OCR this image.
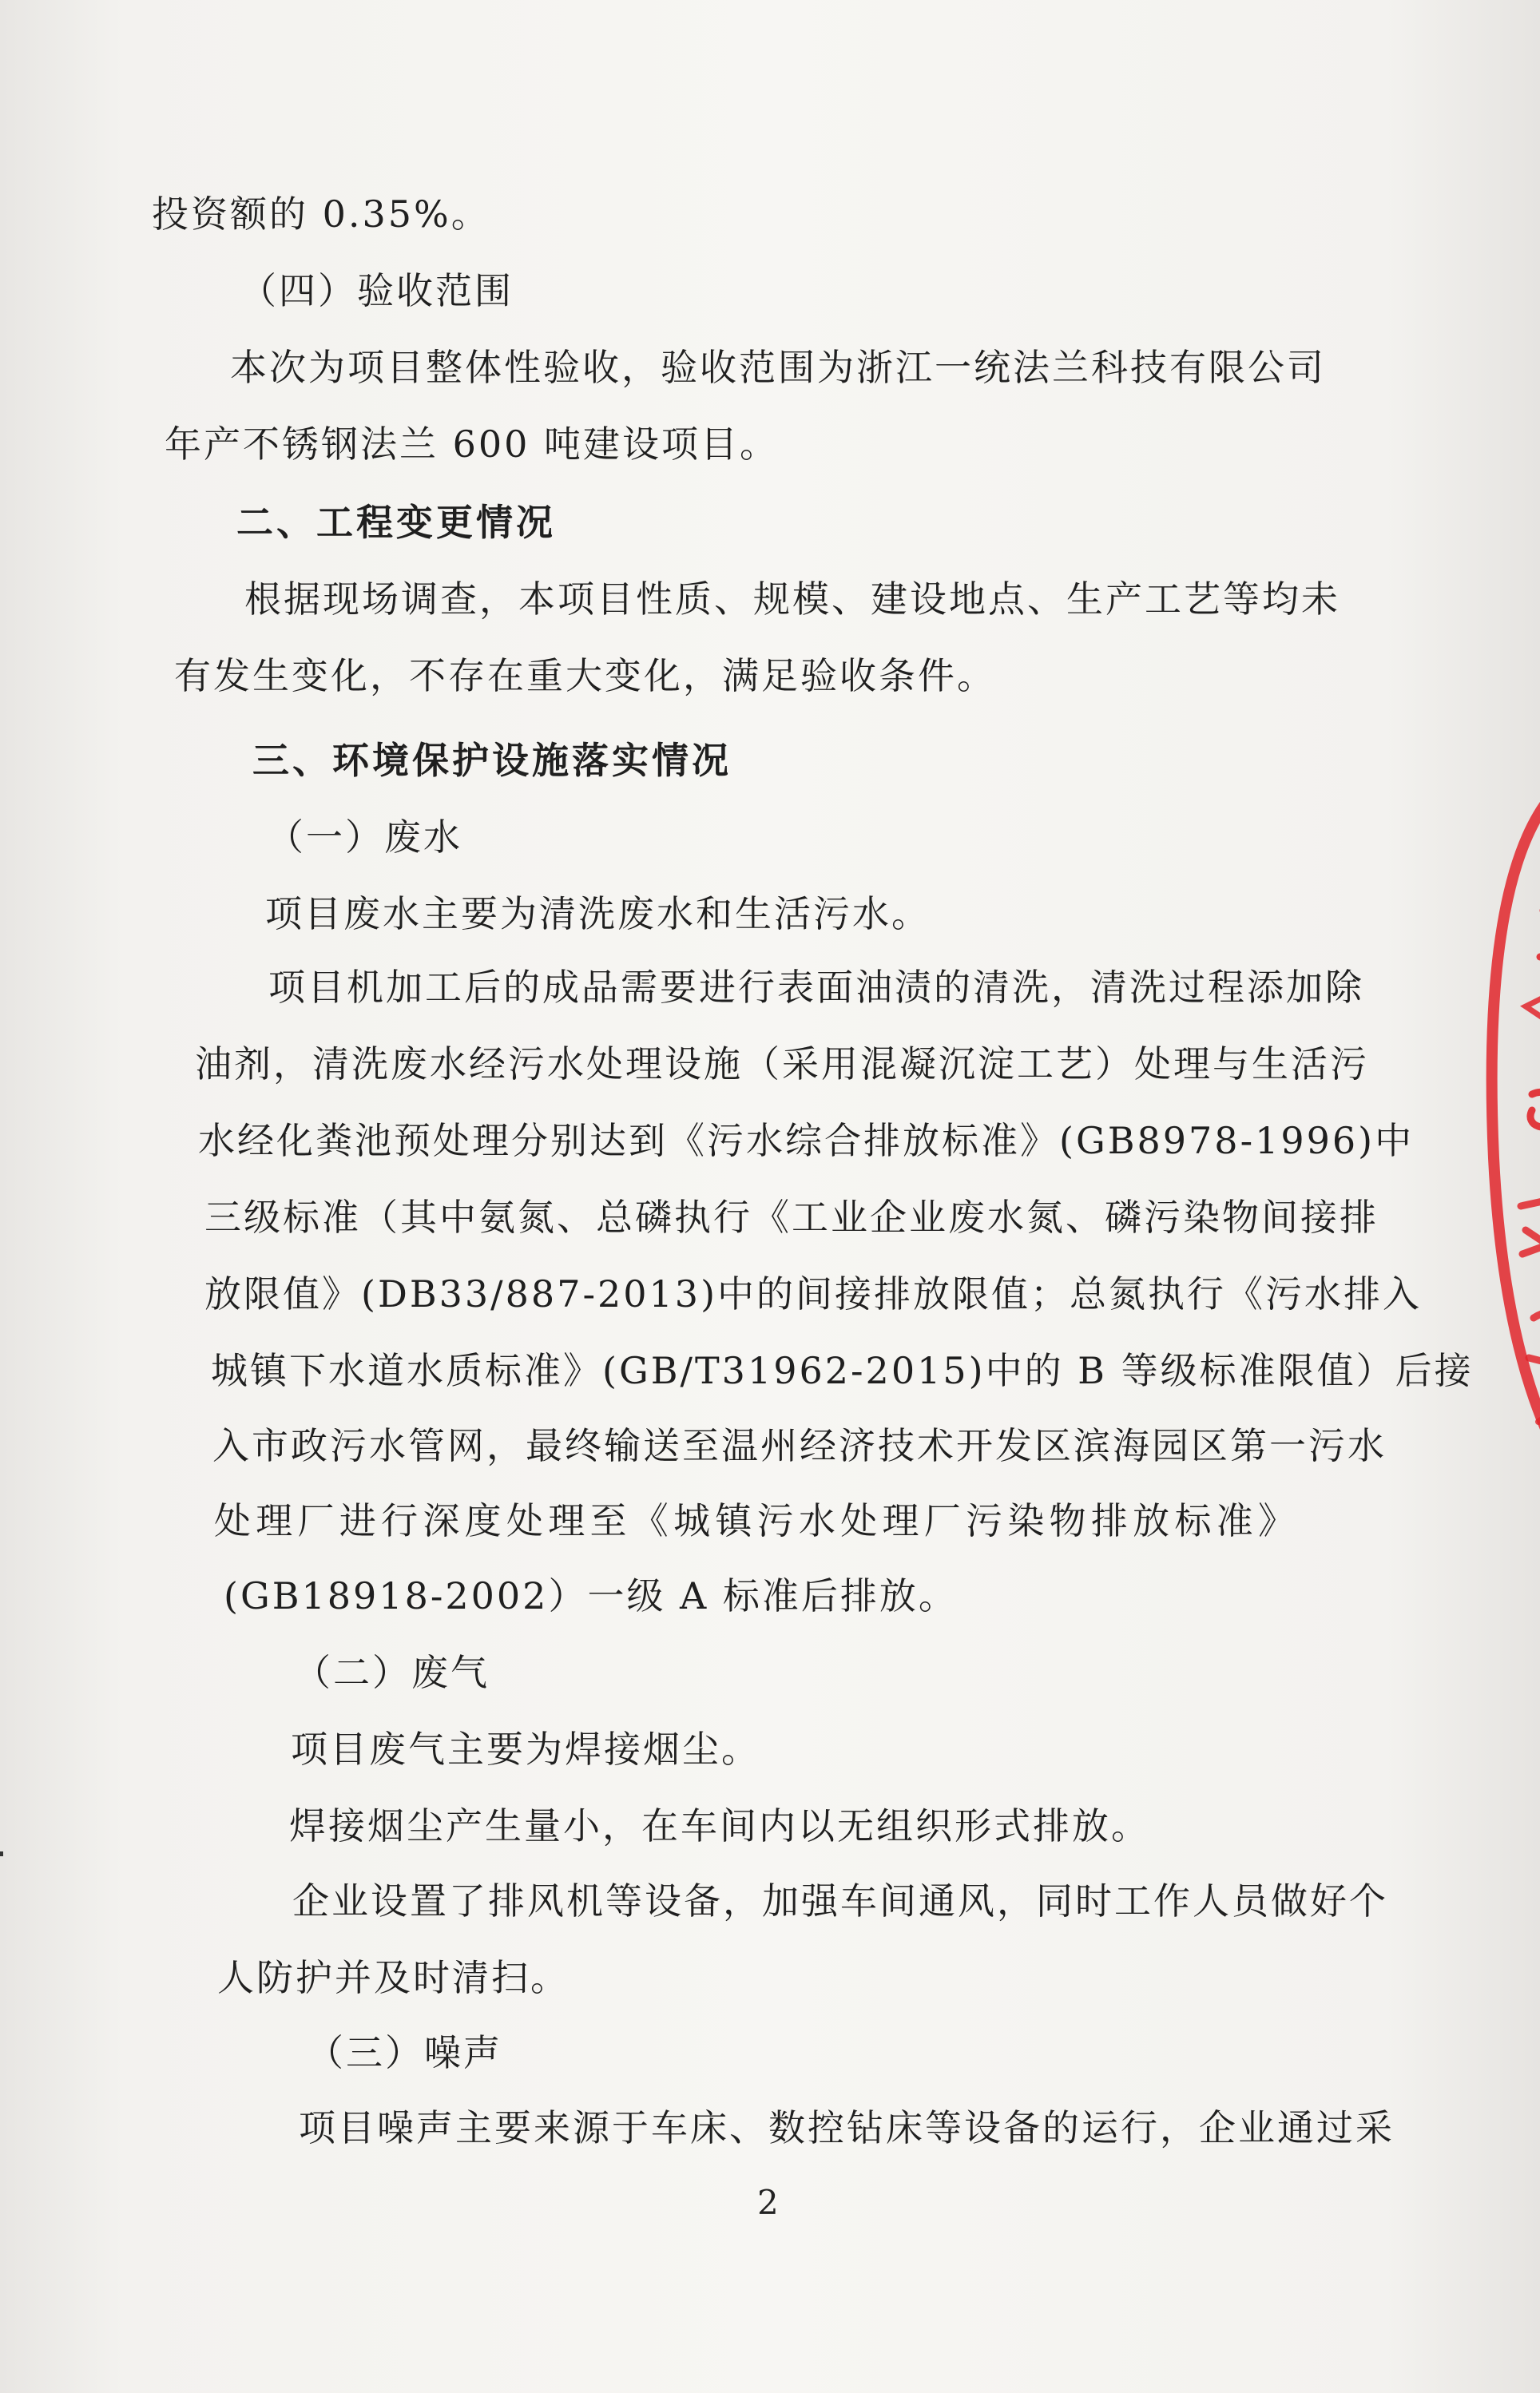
投资额的 0.35%。

（四）验收范围

本次为项目整体性验收，验收范围为浙江一统法兰科技有限公司

年产不锈钢法兰 600 吨建设项目。

二、工程变更情况

根据现场调查，本项目性质、规模、建设地点、生产工艺等均未

有发生变化，不存在重大变化，满足验收条件。

三、环境保护设施落实情况

（一）废水

项目废水主要为清洗废水和生活污水。

项目机加工后的成品需要进行表面油渍的清洗，清洗过程添加除

油剂，清洗废水经污水处理设施（采用混凝沉淀工艺）处理与生活污

水经化粪池预处理分别达到《污水综合排放标准》(GB8978-1996)中

三级标准（其中氨氮、总磷执行《工业企业废水氮、磷污染物间接排

放限值》(DB33/887-2013)中的间接排放限值；总氮执行《污水排入

城镇下水道水质标准》(GB/T31962-2015)中的 B 等级标准限值）后接

入市政污水管网，最终输送至温州经济技术开发区滨海园区第一污水

处理厂进行深度处理至《城镇污水处理厂污染物排放标准》

(GB18918-2002）一级 A 标准后排放。

（二）废气

项目废气主要为焊接烟尘。

焊接烟尘产生量小，在车间内以无组织形式排放。

企业设置了排风机等设备，加强车间通风，同时工作人员做好个

人防护并及时清扫。

（三）噪声

项目噪声主要来源于车床、数控钻床等设备的运行，企业通过采

2
